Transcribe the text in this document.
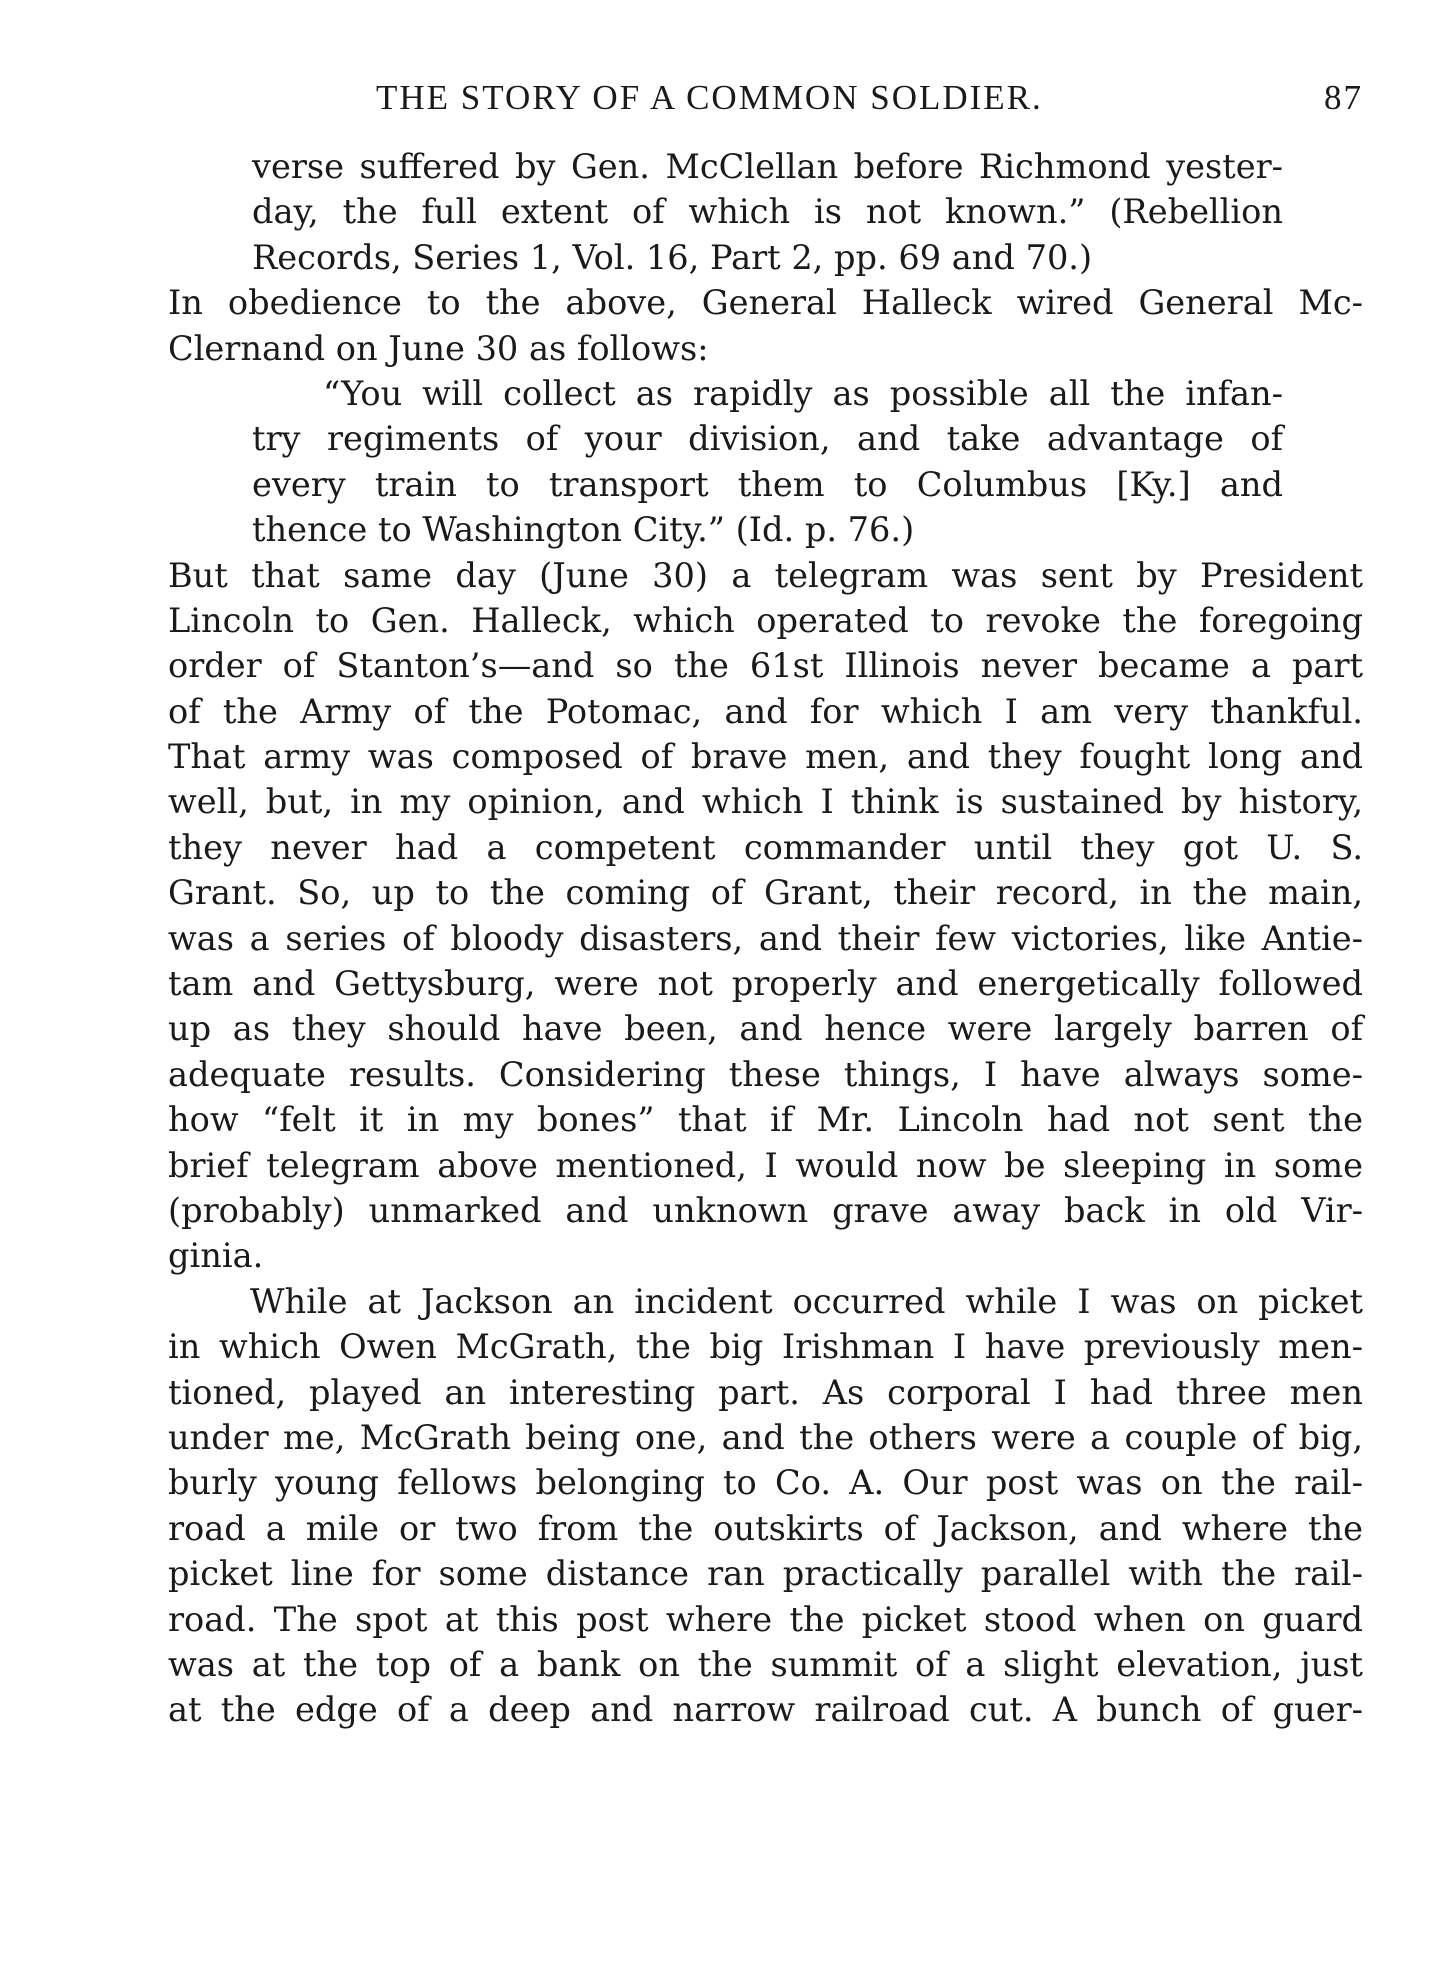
THE STORY OF A COMMON SOLDIER.	87
verse suffered by Gen. McClellan before Richmond yester-
day, the full extent of which is not known.” (Rebellion
Records, Series 1, Vol. 16, Part 2, pp. 69 and 70.)
In obedience to the above, General Halleck wired General Mc-
Clernand on June 30 as follows:
“You will collect as rapidly as possible all the infan-
try regiments of your division, and take advantage of
every train to transport them to Columbus [Ky.] and
thence to Washington City.” (Id. p. 76.)
But that same day (June 30) a telegram was sent by President
Lincoln to Gen. Halleck, which operated to revoke the foregoing
order of Stanton’s—and so the 61st Illinois never became a part
of the Army of the Potomac, and for which I am very thankful.
That army was composed of brave men, and they fought long and
well, but, in my opinion, and which I think is sustained by history,
they never had a competent commander until they got U. S.
Grant. So, up to the coming of Grant, their record, in the main,
was a series of bloody disasters, and their few victories, like Antie-
tam and Gettysburg, were not properly and energetically followed
up as they should have been, and hence were largely barren of
adequate results. Considering these things, I have always some-
how “felt it in my bones” that if Mr. Lincoln had not sent the
brief telegram above mentioned, I would now be sleeping in some
(probably) unmarked and unknown grave away back in old Vir-
ginia.
While at Jackson an incident occurred while I was on picket
in which Owen McGrath, the big Irishman I have previously men-
tioned, played an interesting part. As corporal I had three men
under me, McGrath being one, and the others were a couple of big,
burly young fellows belonging to Co. A. Our post was on the rail-
road a mile or two from the outskirts of Jackson, and where the
picket line for some distance ran practically parallel with the rail-
road. The spot at this post where the picket stood when on guard
was at the top of a bank on the summit of a slight elevation, just
at the edge of a deep and narrow railroad cut. A bunch of guer-
